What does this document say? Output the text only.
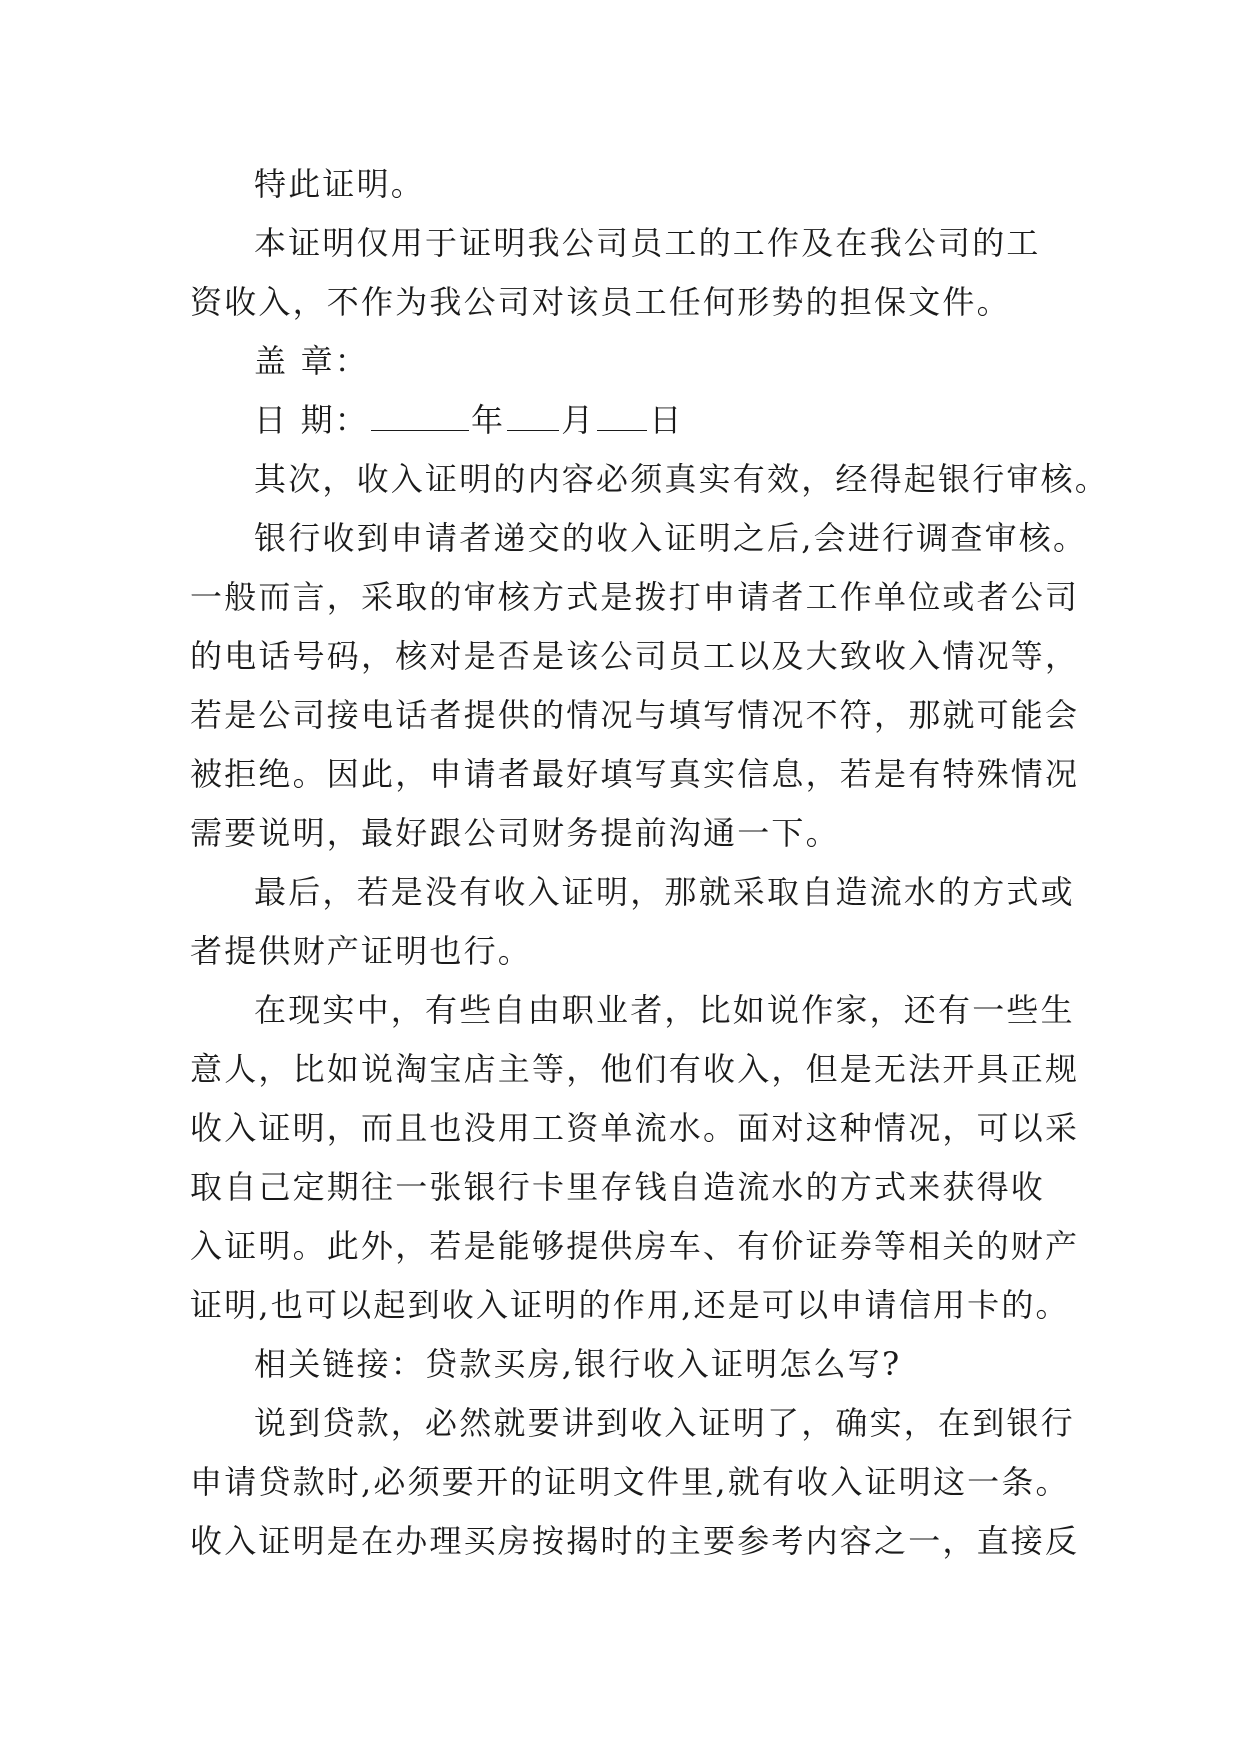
特此证明。
本证明仅用于证明我公司员工的工作及在我公司的工
资收入，不作为我公司对该员工任何形势的担保文件。
盖 章：
日 期：	年 月 日
其次，收入证明的内容必须真实有效，经得起银行审核。
银行收到申请者递交的收入证明之后,会进行调查审核。
一般而言，采取的审核方式是拨打申请者工作单位或者公司
的电话号码，核对是否是该公司员工以及大致收入情况等，
若是公司接电话者提供的情况与填写情况不符，那就可能会
被拒绝。因此，申请者最好填写真实信息，若是有特殊情况
需要说明，最好跟公司财务提前沟通一下。
最后，若是没有收入证明，那就采取自造流水的方式或
者提供财产证明也行。
在现实中，有些自由职业者，比如说作家，还有一些生
意人，比如说淘宝店主等，他们有收入，但是无法开具正规
收入证明，而且也没用工资单流水。面对这种情况，可以采
取自己定期往一张银行卡里存钱自造流水的方式来获得收
入证明。此外，若是能够提供房车、有价证券等相关的财产
证明,也可以起到收入证明的作用,还是可以申请信用卡的。
相关链接：贷款买房,银行收入证明怎么写?
说到贷款，必然就要讲到收入证明了，确实，在到银行
申请贷款时,必须要开的证明文件里,就有收入证明这一条。
收入证明是在办理买房按揭时的主要参考内容之一，直接反
